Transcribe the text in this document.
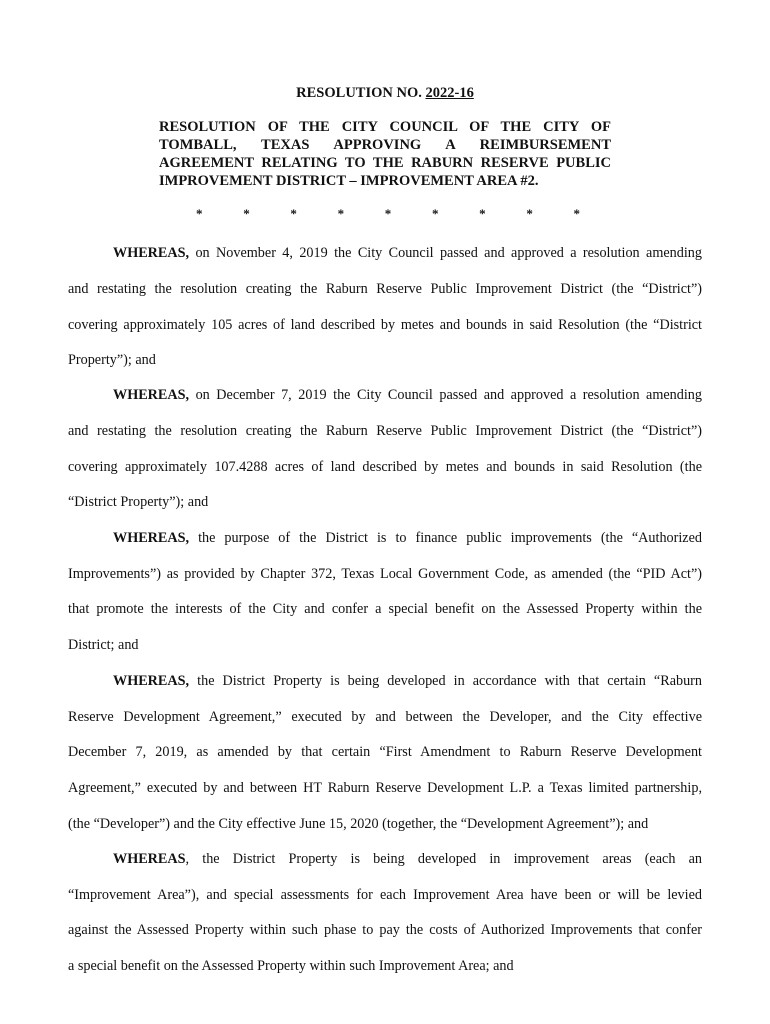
RESOLUTION NO. 2022-16
RESOLUTION OF THE CITY COUNCIL OF THE CITY OF
TOMBALL, TEXAS APPROVING A REIMBURSEMENT
AGREEMENT RELATING TO THE RABURN RESERVE PUBLIC
IMPROVEMENT DISTRICT – IMPROVEMENT AREA #2.
*	*	*	*	*	*	*	*	*
WHEREAS, on November 4, 2019 the City Council passed and approved a resolution amending
and restating the resolution creating the Raburn Reserve Public Improvement District (the “District”)
covering approximately 105 acres of land described by metes and bounds in said Resolution (the “District
Property”); and
WHEREAS, on December 7, 2019 the City Council passed and approved a resolution amending
and restating the resolution creating the Raburn Reserve Public Improvement District (the “District”)
covering approximately 107.4288 acres of land described by metes and bounds in said Resolution (the
“District Property”); and
WHEREAS, the purpose of the District is to finance public improvements (the “Authorized
Improvements”) as provided by Chapter 372, Texas Local Government Code, as amended (the “PID Act”)
that promote the interests of the City and confer a special benefit on the Assessed Property within the
District; and
WHEREAS, the District Property is being developed in accordance with that certain “Raburn
Reserve Development Agreement,” executed by and between the Developer, and the City effective
December 7, 2019, as amended by that certain “First Amendment to Raburn Reserve Development
Agreement,” executed by and between HT Raburn Reserve Development L.P. a Texas limited partnership,
(the “Developer”) and the City effective June 15, 2020 (together, the “Development Agreement”); and
WHEREAS, the District Property is being developed in improvement areas (each an
“Improvement Area”), and special assessments for each Improvement Area have been or will be levied
against the Assessed Property within such phase to pay the costs of Authorized Improvements that confer
a special benefit on the Assessed Property within such Improvement Area; and
